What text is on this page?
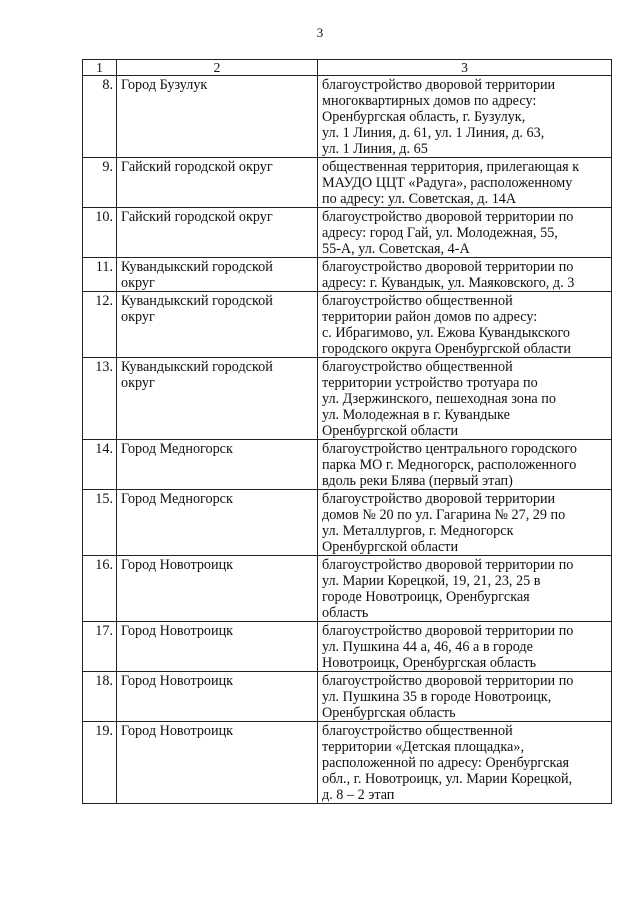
3
1	2	3
8.	Город Бузулук	благоустройство дворовой территории
многоквартирных домов по адресу:
Оренбургская область, г. Бузулук,
ул. 1 Линия, д. 61, ул. 1 Линия, д. 63,
ул. 1 Линия, д. 65
9.	Гайский городской округ	общественная территория, прилегающая к
МАУДО ЦЦТ «Радуга», расположенному
по адресу: ул. Советская, д. 14А
10.	Гайский городской округ	благоустройство дворовой территории по
адресу: город Гай, ул. Молодежная, 55,
55-А, ул. Советская, 4-А
11.	Кувандыкский городской
округ	благоустройство дворовой территории по
адресу: г. Кувандык, ул. Маяковского, д. 3
12.	Кувандыкский городской
округ	благоустройство общественной
территории район домов по адресу:
с. Ибрагимово, ул. Ежова Кувандыкского
городского округа Оренбургской области
13.	Кувандыкский городской
округ	благоустройство общественной
территории устройство тротуара по
ул. Дзержинского, пешеходная зона по
ул. Молодежная в г. Кувандыке
Оренбургской области
14.	Город Медногорск	благоустройство центрального городского
парка МО г. Медногорск, расположенного
вдоль реки Блява (первый этап)
15.	Город Медногорск	благоустройство дворовой территории
домов № 20 по ул. Гагарина № 27, 29 по
ул. Металлургов, г. Медногорск
Оренбургской области
16.	Город Новотроицк	благоустройство дворовой территории по
ул. Марии Корецкой, 19, 21, 23, 25 в
городе Новотроицк, Оренбургская
область
17.	Город Новотроицк	благоустройство дворовой территории по
ул. Пушкина 44 а, 46, 46 а в городе
Новотроицк, Оренбургская область
18.	Город Новотроицк	благоустройство дворовой территории по
ул. Пушкина 35 в городе Новотроицк,
Оренбургская область
19.	Город Новотроицк	благоустройство общественной
территории «Детская площадка»,
расположенной по адресу: Оренбургская
обл., г. Новотроицк, ул. Марии Корецкой,
д. 8 – 2 этап
